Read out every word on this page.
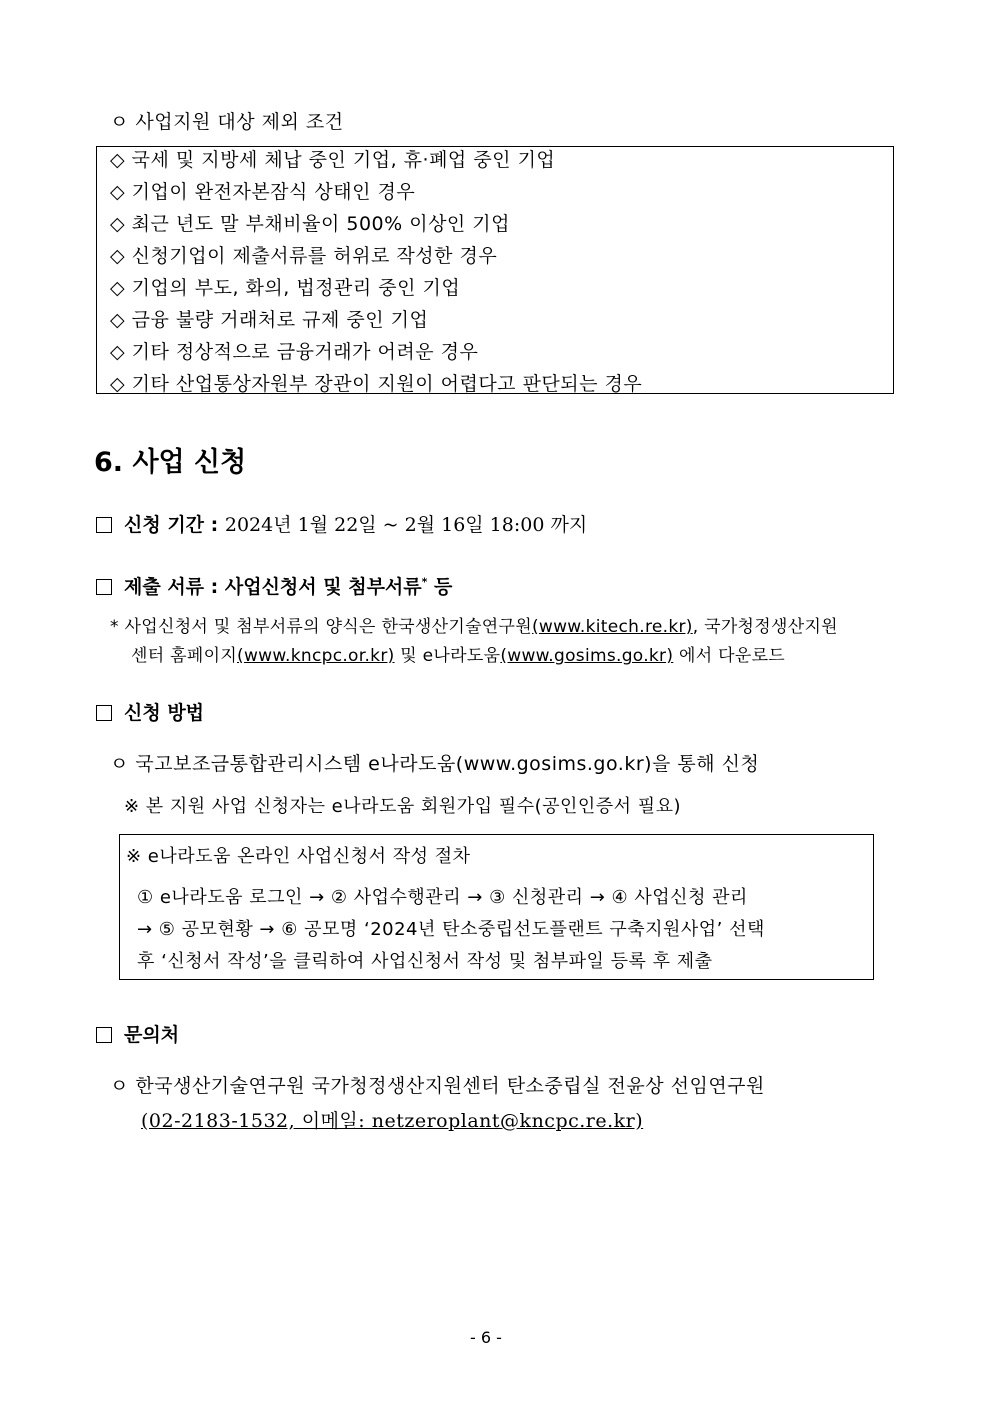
ㅇ 사업지원 대상 제외 조건
◇ 국세 및 지방세 체납 중인 기업, 휴·폐업 중인 기업
◇ 기업이 완전자본잠식 상태인 경우
◇ 최근 년도 말 부채비율이 500% 이상인 기업
◇ 신청기업이 제출서류를 허위로 작성한 경우
◇ 기업의 부도, 화의, 법정관리 중인 기업
◇ 금융 불량 거래처로 규제 중인 기업
◇ 기타 정상적으로 금융거래가 어려운 경우
◇ 기타 산업통상자원부 장관이 지원이 어렵다고 판단되는 경우
6. 사업 신청
신청 기간 : 2024년 1월 22일 ~ 2월 16일 18:00 까지
제출 서류 : 사업신청서 및 첨부서류* 등
* 사업신청서 및 첨부서류의 양식은 한국생산기술연구원(www.kitech.re.kr), 국가청정생산지원
센터 홈페이지(www.kncpc.or.kr) 및 e나라도움(www.gosims.go.kr) 에서 다운로드
신청 방법
ㅇ 국고보조금통합관리시스템 e나라도움(www.gosims.go.kr)을 통해 신청
※ 본 지원 사업 신청자는 e나라도움 회원가입 필수(공인인증서 필요)
※ e나라도움 온라인 사업신청서 작성 절차
① e나라도움 로그인 → ② 사업수행관리 → ③ 신청관리 → ④ 사업신청 관리
→ ⑤ 공모현황 → ⑥ 공모명 ‘2024년 탄소중립선도플랜트 구축지원사업’ 선택
후 ‘신청서 작성’을 클릭하여 사업신청서 작성 및 첨부파일 등록 후 제출
문의처
ㅇ 한국생산기술연구원 국가청정생산지원센터 탄소중립실 전윤상 선임연구원
(02-2183-1532, 이메일: netzeroplant@kncpc.re.kr)
- 6 -
